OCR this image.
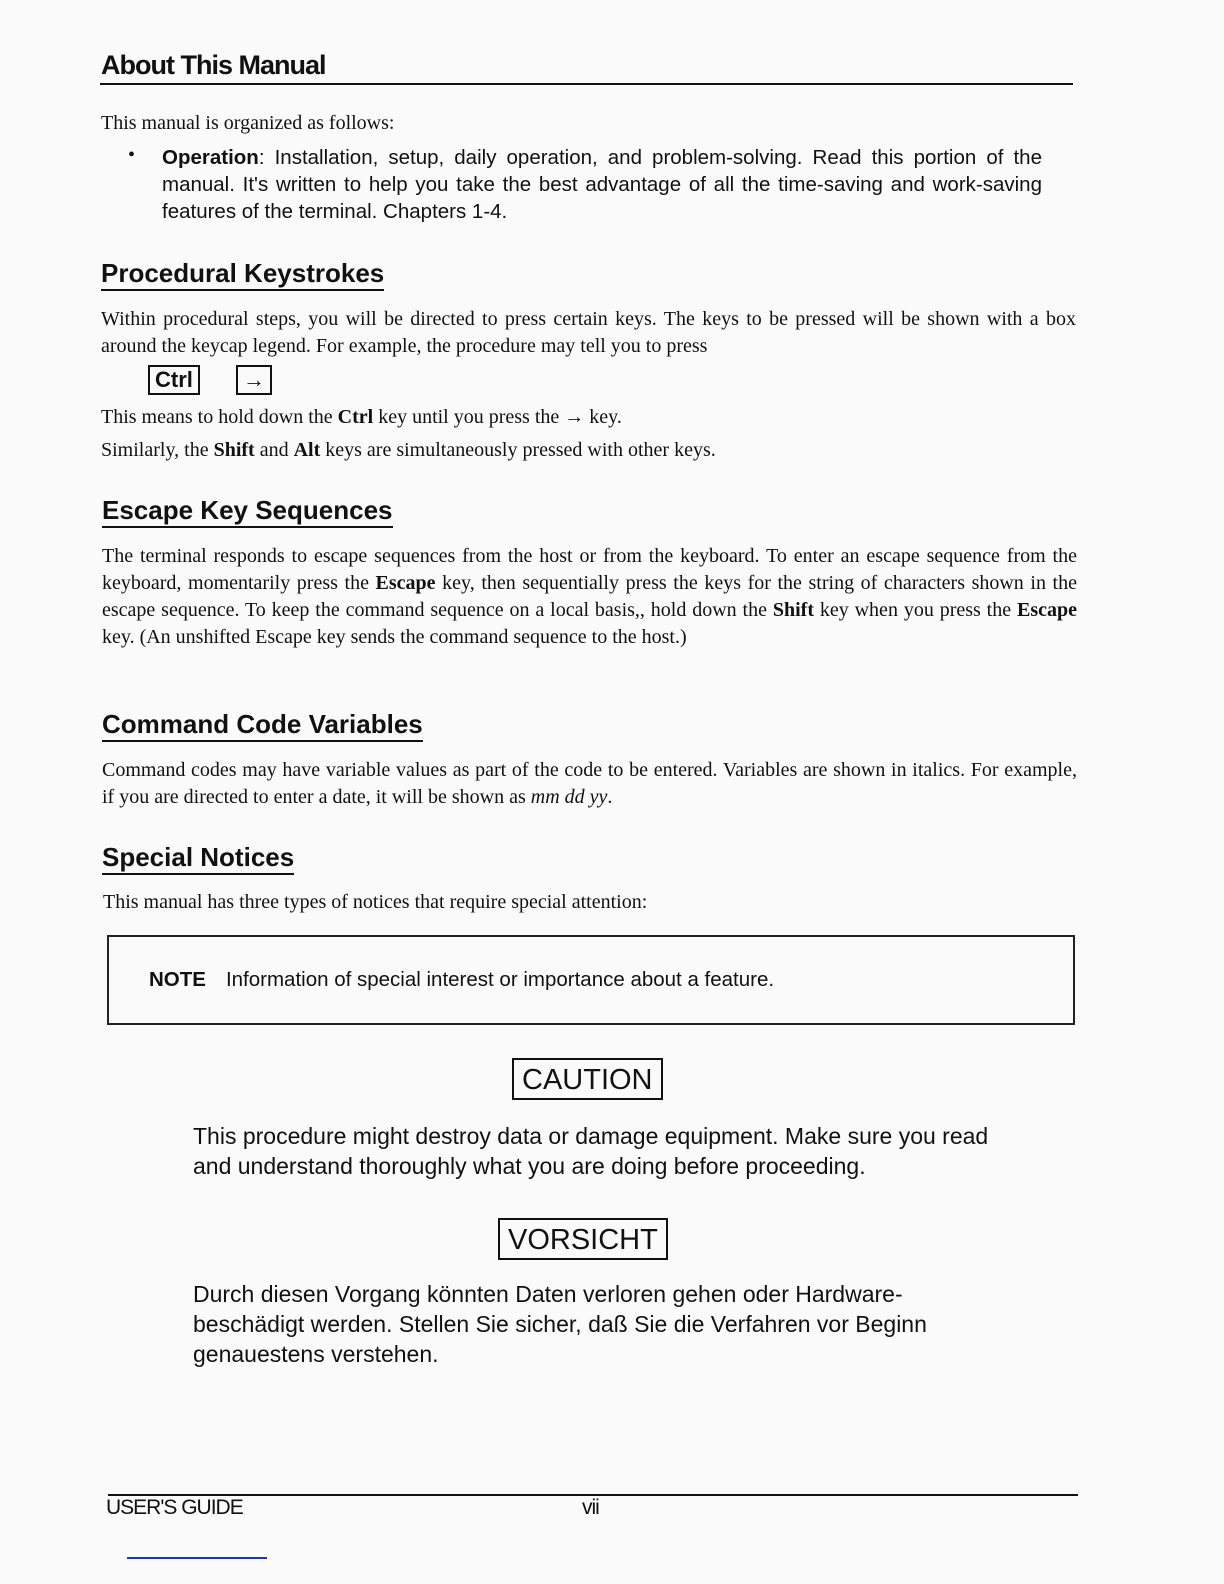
About This Manual
This manual is organized as follows:
• Operation: Installation, setup, daily operation, and problem-solving. Read this portion of the manual. It's written to help you take the best advantage of all the time-saving and work-saving features of the terminal. Chapters 1-4.
Procedural Keystrokes
Within procedural steps, you will be directed to press certain keys. The keys to be pressed will be shown with a box around the keycap legend. For example, the procedure may tell you to press
Ctrl	→
This means to hold down the Ctrl key until you press the → key.
Similarly, the Shift and Alt keys are simultaneously pressed with other keys.
Escape Key Sequences
The terminal responds to escape sequences from the host or from the keyboard. To enter an escape sequence from the keyboard, momentarily press the Escape key, then sequentially press the keys for the string of characters shown in the escape sequence. To keep the command sequence on a local basis,, hold down the Shift key when you press the Escape key. (An unshifted Escape key sends the command sequence to the host.)
Command Code Variables
Command codes may have variable values as part of the code to be entered. Variables are shown in italics. For example, if you are directed to enter a date, it will be shown as mm dd yy.
Special Notices
This manual has three types of notices that require special attention:
NOTE Information of special interest or importance about a feature.
CAUTION
This procedure might destroy data or damage equipment. Make sure you read and understand thoroughly what you are doing before proceeding.
VORSICHT
Durch diesen Vorgang könnten Daten verloren gehen oder Hardware-beschädigt werden. Stellen Sie sicher, daß Sie die Verfahren vor Beginn genauestens verstehen.
USER'S GUIDE	vii
